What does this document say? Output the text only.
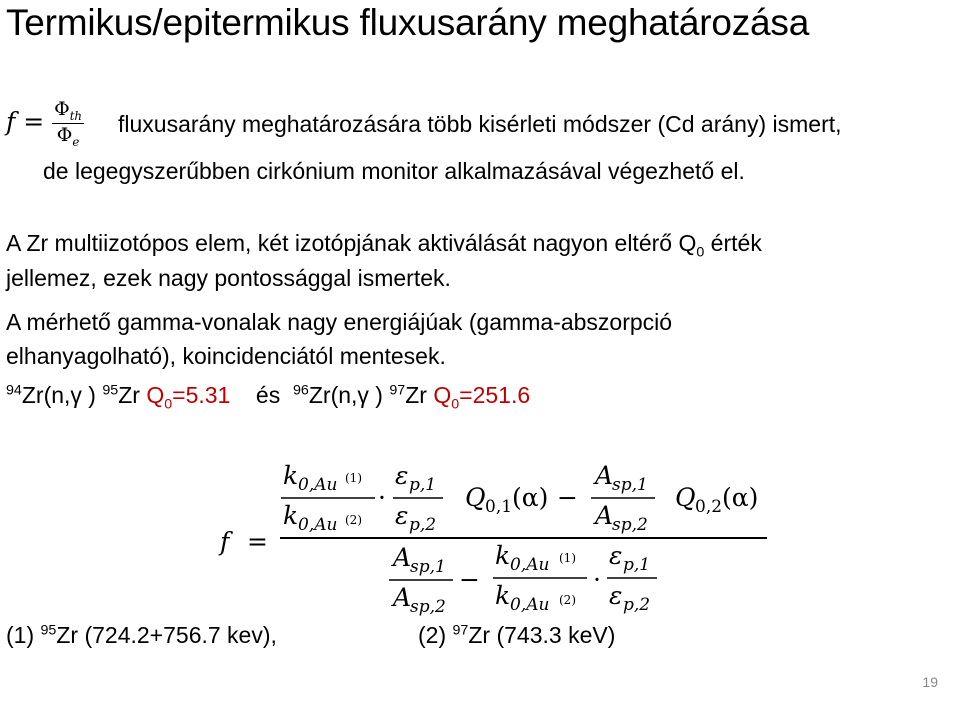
Termikus/epitermikus fluxusarány meghatározása
$f = \frac{\Phi_{th}}{\Phi_e}$ fluxusarány meghatározására több kisérleti módszer (Cd arány) ismert,
de legegyszerűbben cirkónium monitor alkalmazásával végezhető el.
A Zr multiizotópos elem, két izotópjának aktiválását nagyon eltérő $Q_0$ érték
jellemez, ezek nagy pontossággal ismertek.
A mérhető gamma-vonalak nagy energiájúak (gamma-abszorpció
elhanyagolható), koincidenciától mentesek.
$^{94}$Zr(n,γ ) $^{95}$Zr $Q_0=5.31$ és $^{96}$Zr(n,γ ) $^{97}$Zr $Q_0=251.6$
f =
k 0,Au (1)
k 0,Au (2)
·
ε p,1
ε p,2
Q 0,1 (α) −
A
sp,1
A
sp,2
Q 0,2 (α)
A
sp,1
A
sp,2
−
k 0,Au (1)
k 0,Au (2)
·
ε p,1
ε p,2
(1) $^{95}$Zr (724.2+756.7 kev),	(2) $^{97}$Zr (743.3 keV)
19
